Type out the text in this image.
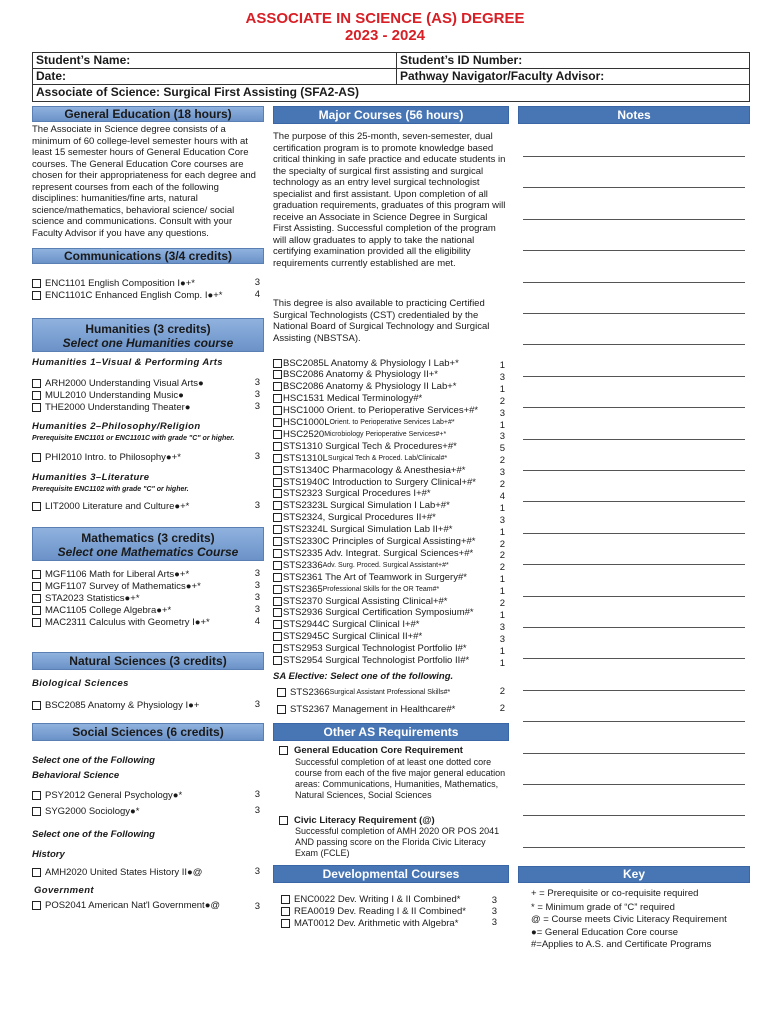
ASSOCIATE IN SCIENCE (AS) DEGREE
2023 - 2024
Student’s Name:	Student’s ID Number:
Date:	Pathway Navigator/Faculty Advisor:
Associate of Science: Surgical First Assisting (SFA2-AS)
General Education (18 hours)
The Associate in Science degree consists of a minimum of 60 college-level semester hours with at least 15 semester hours of General Education Core courses. The General Education Core courses are chosen for their appropriateness for each degree and represent courses from each of the following disciplines: humanities/fine arts, natural science/mathematics, behavioral science/ social science and communications. Consult with your Faculty Advisor if you have any questions.
Communications (3/4 credits)
ENC1101 English Composition I●+*	3
ENC1101C Enhanced English Comp. I●+*	4
Humanities (3 credits)
Select one Humanities course
Humanities 1–Visual & Performing Arts
ARH2000 Understanding Visual Arts●	3
MUL2010 Understanding Music●	3
THE2000 Understanding Theater●	3
Humanities 2–Philosophy/Religion
Prerequisite ENC1101 or ENC1101C with grade "C" or higher.
PHI2010 Intro. to Philosophy●+*	3
Humanities 3–Literature
Prerequisite ENC1102 with grade "C" or higher.
LIT2000 Literature and Culture●+*	3
Mathematics (3 credits)
Select one Mathematics Course
MGF1106 Math for Liberal Arts●+*	3
MGF1107 Survey of Mathematics●+*	3
STA2023 Statistics●+*	3
MAC1105 College Algebra●+*	3
MAC2311 Calculus with Geometry I●+*	4
Natural Sciences (3 credits)
Biological Sciences
BSC2085 Anatomy & Physiology I●+	3
Social Sciences (6 credits)
Select one of the Following
Behavioral Science
PSY2012 General Psychology●*	3
SYG2000 Sociology●*	3
Select one of the Following
History
AMH2020 United States History II●@	3
Government
POS2041 American Nat'l Government●@	3
Major Courses (56 hours)
The purpose of this 25-month, seven-semester, dual certification program is to promote knowledge based critical thinking in safe practice and educate students in the specialty of surgical first assisting and surgical technology as an entry level surgical technologist specialist and first assistant. Upon completion of all graduation requirements, graduates of this program will receive an Associate in Science Degree in Surgical First Assisting. Successful completion of the program will allow graduates to apply to take the national certifying examination provided all the eligibility requirements currently established are met.
This degree is also available to practicing Certified Surgical Technologists (CST) credentialed by the National Board of Surgical Technology and Surgical Assisting (NBSTSA).
BSC2085L Anatomy & Physiology I Lab+*	1
BSC2086 Anatomy & Physiology II+*	3
BSC2086 Anatomy & Physiology II Lab+*	1
HSC1531 Medical Terminology#*	2
HSC1000 Orient. to Perioperative Services+#*	3
HSC1000L Orient. to Perioperative Services Lab+#*	1
HSC2520 Microbiology Perioperative Services#+*	3
STS1310 Surgical Tech & Procedures+#*	5
STS1310L Surgical Tech & Proced. Lab/Clinical#*	2
STS1340C Pharmacology & Anesthesia+#*	3
STS1940C Introduction to Surgery Clinical+#*	2
STS2323 Surgical Procedures I+#*	4
STS2323L Surgical Simulation I Lab+#*	1
STS2324, Surgical Procedures II+#*	3
STS2324L Surgical Simulation Lab II+#*	1
STS2330C Principles of Surgical Assisting+#*	2
STS2335 Adv. Integrat. Surgical Sciences+#*	2
STS2336 Adv. Surg. Proced. Surgical Assistant+#*	2
STS2361 The Art of Teamwork in Surgery#*	1
STS2365 Professional Skills for the OR Team#*	1
STS2370 Surgical Assisting Clinical+#*	2
STS2936 Surgical Certification Symposium#*	1
STS2944C Surgical Clinical I+#*	3
STS2945C Surgical Clinical II+#*	3
STS2953 Surgical Technologist Portfolio I#*	1
STS2954 Surgical Technologist Portfolio II#*	1
SA Elective: Select one of the following.
STS2366 Surgical Assistant Professional Skills#*	2
STS2367 Management in Healthcare#*	2
Other AS Requirements
General Education Core Requirement
Successful completion of at least one dotted core course from each of the five major general education areas: Communications, Humanities, Mathematics, Natural Sciences, Social Sciences
Civic Literacy Requirement (@)
Successful completion of AMH 2020 OR POS 2041 AND passing score on the Florida Civic Literacy Exam (FCLE)
Developmental Courses
ENC0022 Dev. Writing I & II Combined*	3
REA0019 Dev. Reading I & II Combined*	3
MAT0012 Dev. Arithmetic with Algebra*	3
Notes
Key
+ = Prerequisite or co-requisite required
* = Minimum grade of “C” required
@ = Course meets Civic Literacy Requirement
●= General Education Core course
#=Applies to A.S. and Certificate Programs
